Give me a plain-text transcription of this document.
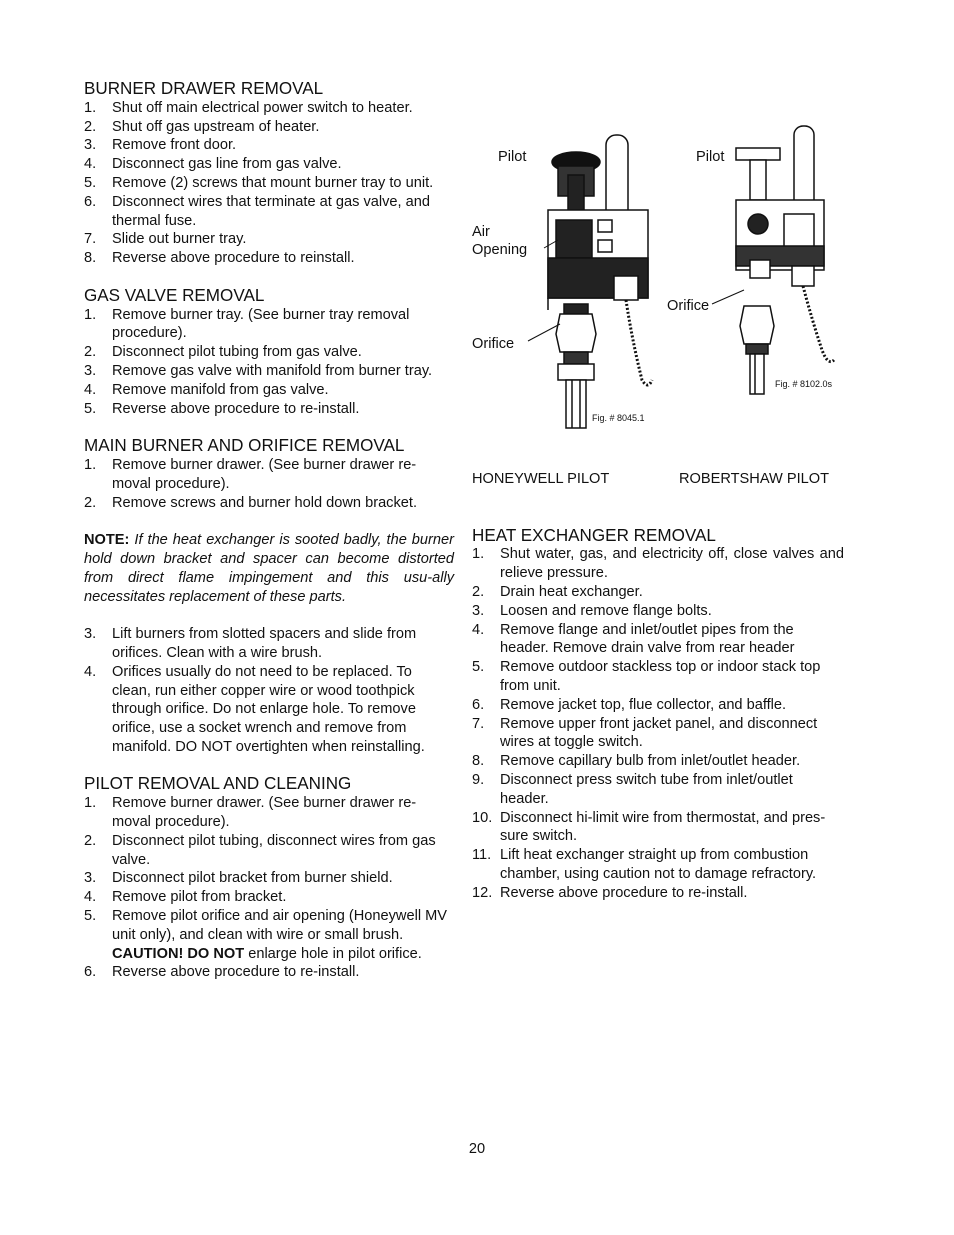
BURNER DRAWER REMOVAL
1. Shut off main electrical power switch to heater.
2. Shut off gas upstream of heater.
3. Remove front door.
4. Disconnect gas line from gas valve.
5. Remove (2) screws that mount burner tray to unit.
6. Disconnect wires that terminate at gas valve, and thermal fuse.
7. Slide out burner tray.
8. Reverse above procedure to reinstall.
GAS VALVE REMOVAL
1. Remove burner tray. (See burner tray removal procedure).
2. Disconnect pilot tubing from gas valve.
3. Remove gas valve with manifold from burner tray.
4. Remove manifold from gas valve.
5. Reverse above procedure to re-install.
MAIN BURNER AND ORIFICE REMOVAL
1. Remove burner drawer. (See burner drawer re-moval procedure).
2. Remove screws and burner hold down bracket.

NOTE: If the heat exchanger is sooted badly, the burner hold down bracket and spacer can become distorted from direct flame impingement and this usu-ally necessitates replacement of these parts.

3. Lift burners from slotted spacers and slide from orifices. Clean with a wire brush.
4. Orifices usually do not need to be replaced. To clean, run either copper wire or wood toothpick through orifice. Do not enlarge hole. To remove orifice, use a socket wrench and remove from manifold. DO NOT overtighten when reinstalling.
PILOT REMOVAL AND CLEANING
1. Remove burner drawer. (See burner drawer re-moval procedure).
2. Disconnect pilot tubing, disconnect wires from gas valve.
3. Disconnect pilot bracket from burner shield.
4. Remove pilot from bracket.
5. Remove pilot orifice and air opening (Honeywell MV unit only), and clean with wire or small brush. CAUTION! DO NOT enlarge hole in pilot orifice.
6. Reverse above procedure to re-install.
Pilot	Pilot
Air
Opening
Orifice
Orifice
Fig. # 8102.0s
Fig. # 8045.1
HONEYWELL PILOT	ROBERTSHAW PILOT
HEAT EXCHANGER REMOVAL
1. Shut water, gas, and electricity off, close valves and relieve pressure.
2. Drain heat exchanger.
3. Loosen and remove flange bolts.
4. Remove flange and inlet/outlet pipes from the header. Remove drain valve from rear header
5. Remove outdoor stackless top or indoor stack top from unit.
6. Remove jacket top, flue collector, and baffle.
7. Remove upper front jacket panel, and disconnect wires at toggle switch.
8. Remove capillary bulb from inlet/outlet header.
9. Disconnect press switch tube from inlet/outlet header.
10. Disconnect hi-limit wire from thermostat, and pres-sure switch.
11. Lift heat exchanger straight up from combustion chamber, using caution not to damage refractory.
12. Reverse above procedure to re-install.
20
